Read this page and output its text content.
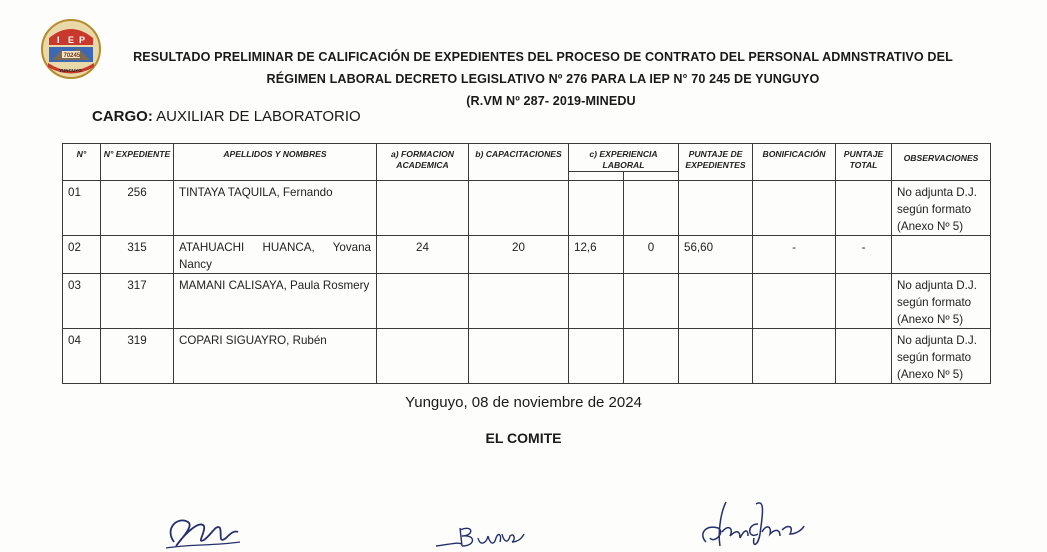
I E P
70245
YUNGUYO
RESULTADO PRELIMINAR DE CALIFICACIÓN DE EXPEDIENTES DEL PROCESO DE CONTRATO DEL PERSONAL ADMNSTRATIVO DEL
RÉGIMEN LABORAL DECRETO LEGISLATIVO Nº 276 PARA LA IEP N° 70 245 DE YUNGUYO
(R.VM Nº 287- 2019-MINEDU
CARGO: AUXILIAR DE LABORATORIO
N°	N° EXPEDIENTE	APELLIDOS Y NOMBRES	a) FORMACION ACADEMICA	b) CAPACITACIONES	c) EXPERIENCIA LABORAL		PUNTAJE DE EXPEDIENTES	BONIFICACIÓN	PUNTAJE TOTAL	OBSERVACIONES

01	256	TINTAYA TAQUILA, Fernando								No adjunta D.J. según formato (Anexo Nº 5)
02	315	ATAHUACHI HUANCA, Yovana Nancy	24	20	12,6	0	56,60	-	-	
03	317	MAMANI CALISAYA, Paula Rosmery								No adjunta D.J. según formato (Anexo Nº 5)
04	319	COPARI SIGUAYRO, Rubén								No adjunta D.J. según formato (Anexo Nº 5)
Yunguyo, 08 de noviembre de 2024
EL COMITE
